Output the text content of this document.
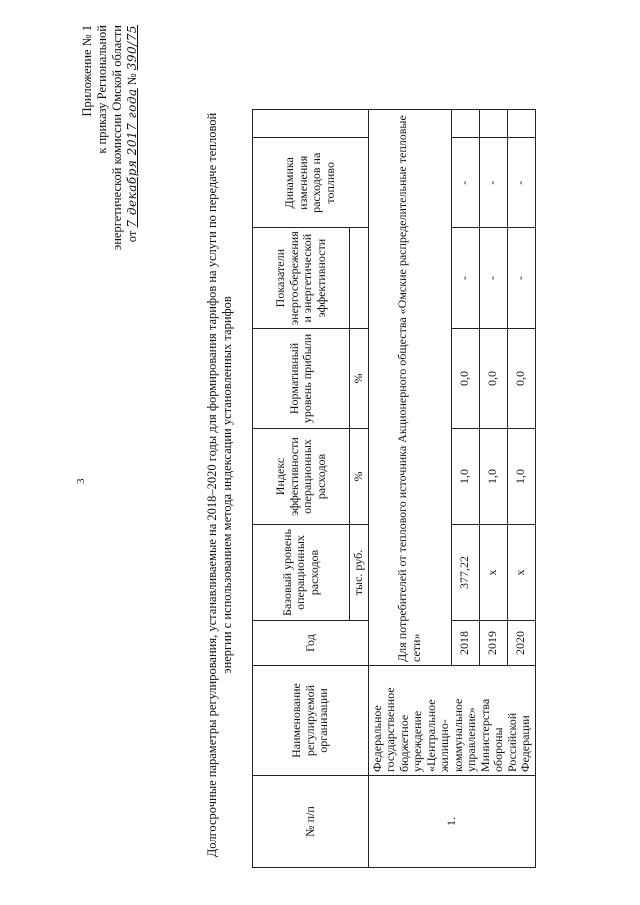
3
Приложение № 1 к приказу Региональной энергетической комиссии Омской области от 7 декабря 2017 года № 390/75
Долгосрочные параметры регулирования, устанавливаемые на 2018–2020 годы для формирования тарифов на услуги по передаче тепловой энергии с использованием метода индексации установленных тарифов
№ п/п	Наименование регулируемой организации	Год	Базовый уровень операционных расходов	Индекс эффективности операционных расходов	Нормативный уровень прибыли	Показатели энергосбережения и энергетической эффективности	Динамика изменения расходов на топливо	
			тыс. руб.	%	%			
1.	Федеральное государственное бюджетное учреждение «Центральное жилищно-коммунальное управление» Министерства обороны Российской Федерации	Для потребителей от теплового источника Акционерного общества «Омские распределительные тепловые сети»						
		2018	377,22	1,0	0,0	-	-	
		2019	x	1,0	0,0	-	-	
		2020	x	1,0	0,0	-	-	
